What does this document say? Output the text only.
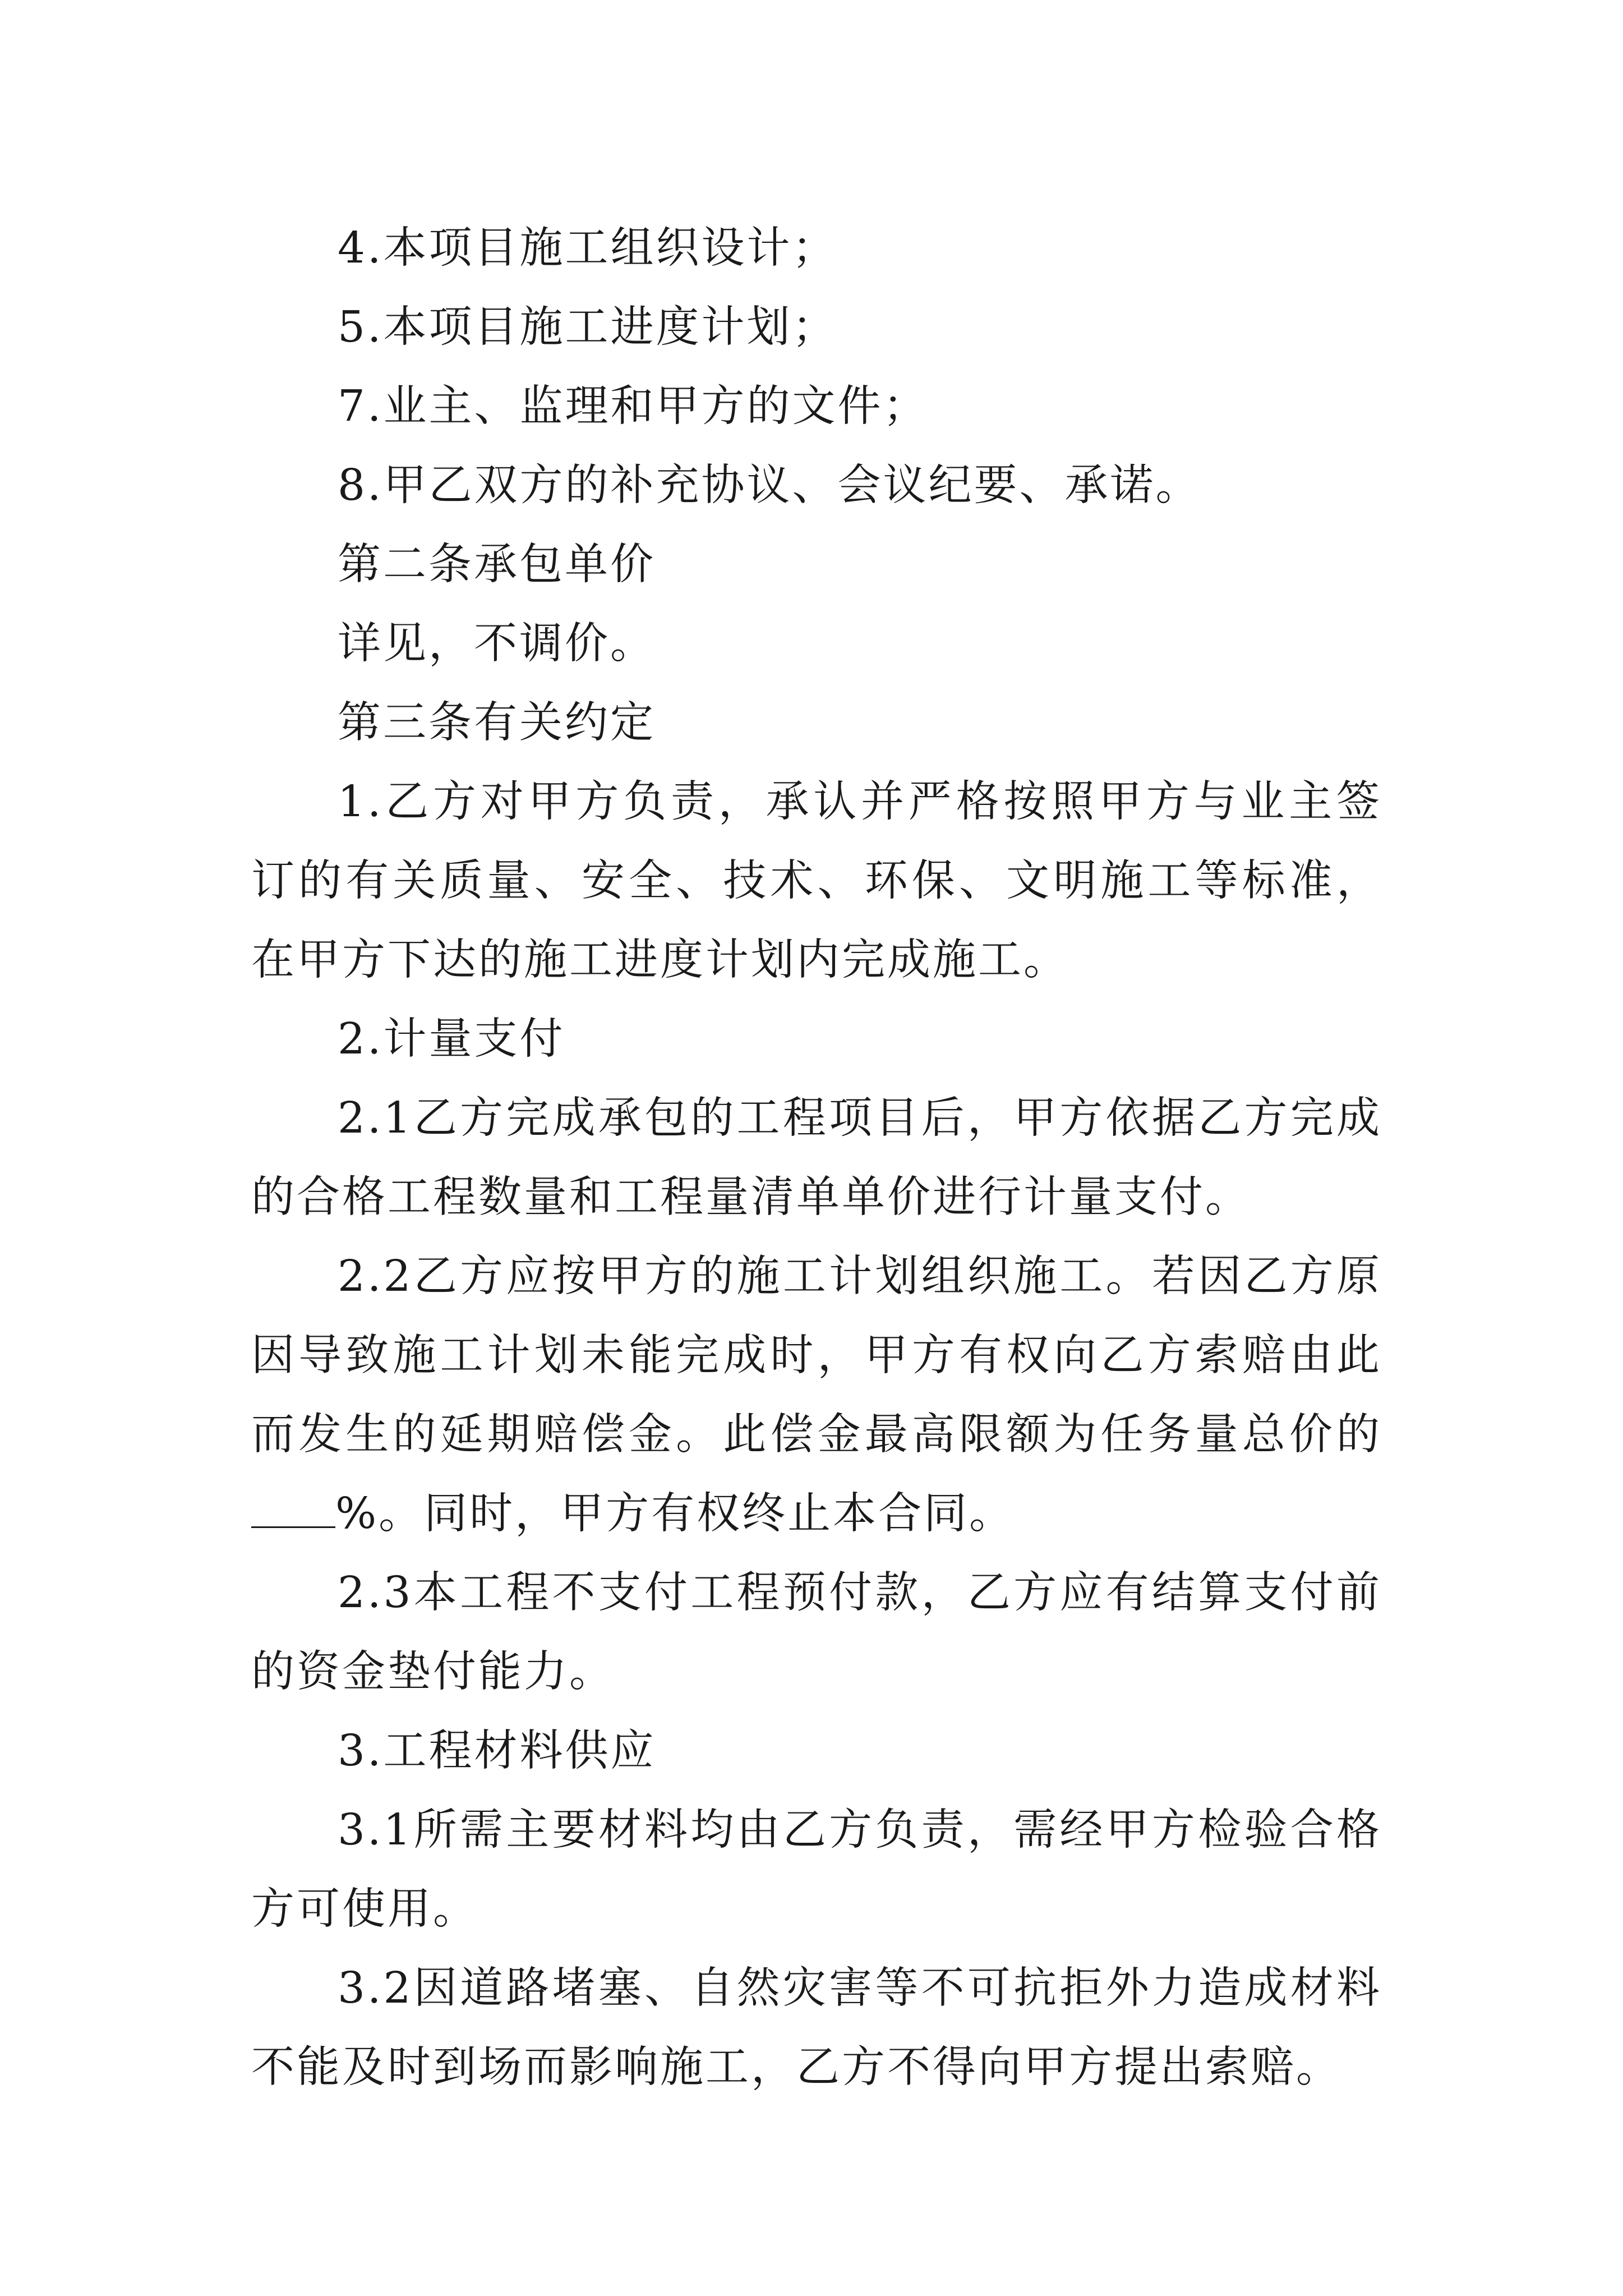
4.本项目施工组织设计；

5.本项目施工进度计划；

7.业主、监理和甲方的文件；

8.甲乙双方的补充协议、会议纪要、承诺。

第二条承包单价

详见，不调价。

第三条有关约定

1.乙方对甲方负责，承认并严格按照甲方与业主签订的有关质量、安全、技术、环保、文明施工等标准，在甲方下达的施工进度计划内完成施工。

2.计量支付

2.1乙方完成承包的工程项目后，甲方依据乙方完成的合格工程数量和工程量清单单价进行计量支付。

2.2乙方应按甲方的施工计划组织施工。若因乙方原因导致施工计划未能完成时，甲方有权向乙方索赔由此而发生的延期赔偿金。此偿金最高限额为任务量总价的%。同时，甲方有权终止本合同。

2.3本工程不支付工程预付款，乙方应有结算支付前的资金垫付能力。

3.工程材料供应

3.1所需主要材料均由乙方负责，需经甲方检验合格方可使用。

3.2因道路堵塞、自然灾害等不可抗拒外力造成材料不能及时到场而影响施工，乙方不得向甲方提出索赔。
